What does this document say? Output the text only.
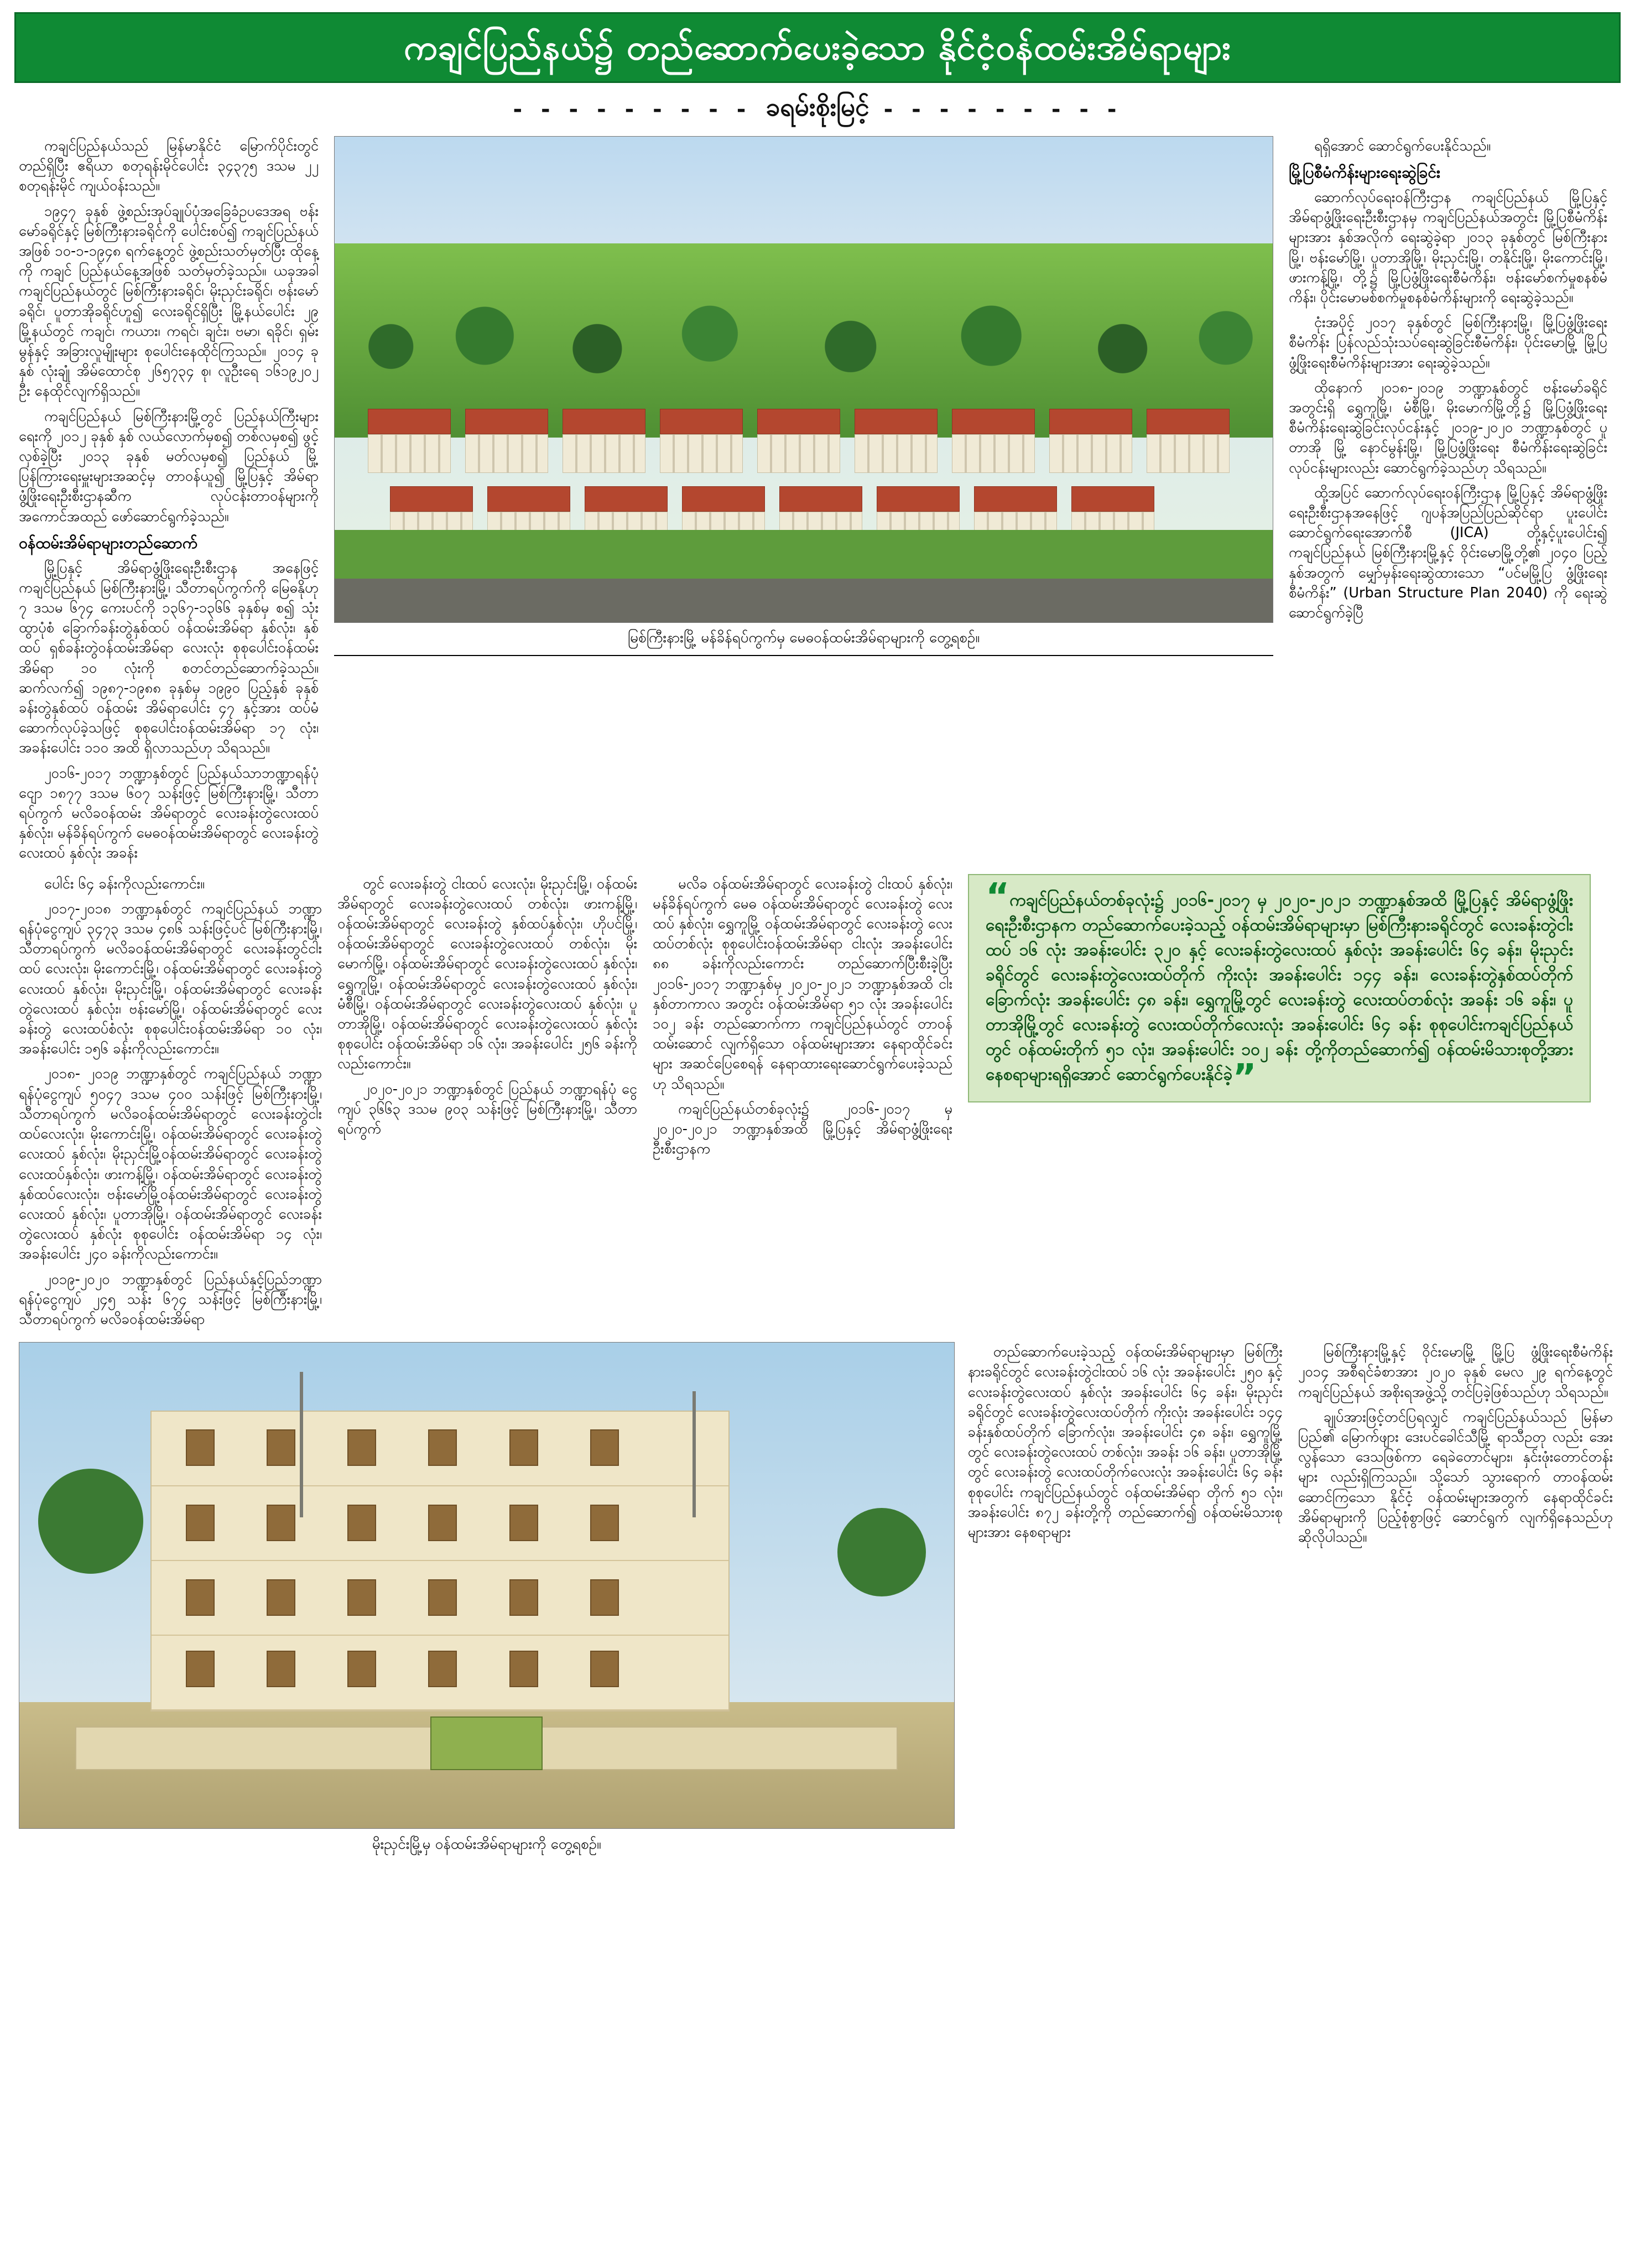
ကချင်ပြည်နယ်၌ တည်ဆောက်ပေးခဲ့သော နိုင်ငံ့ဝန်ထမ်းအိမ်ရာများ
- - - - - - - - - ခရမ်းစိုးမြင့် - - - - - - - - -

ကချင်ပြည်နယ်သည် မြန်မာနိုင်ငံ မြောက်ပိုင်းတွင်တည်ရှိပြီး ဧရိယာ စတုရန်းမိုင်ပေါင်း ၃၄၃၇၅ ဒသမ ၂၂ စတုရန်းမိုင် ကျယ်ဝန်းသည်။

၁၉၄၇ ခုနှစ် ဖွဲ့စည်းအုပ်ချုပ်ပုံအခြေခံဥပဒေအရ ဗန်းမော်ခရိုင်နှင့် မြစ်ကြီးနားခရိုင်ကို ပေါင်းစပ်၍ ကချင်ပြည်နယ်အဖြစ် ၁၀-၁-၁၉၄၈ ရက်နေ့တွင် ဖွဲ့စည်းသတ်မှတ်ပြီး ထိုနေ့ကို ကချင် ပြည်နယ်နေ့အဖြစ် သတ်မှတ်ခဲ့သည်။ ယခုအခါ ကချင်ပြည်နယ်တွင် မြစ်ကြီးနားခရိုင်၊ မိုးညှင်းခရိုင်၊ ဗန်းမော်ခရိုင်၊ ပူတာအိုခရိုင်ဟူ၍ လေးခရိုင်ရှိပြီး မြို့နယ်ပေါင်း ၂၉ မြို့နယ်တွင် ကချင်၊ ကယား၊ ကရင်၊ ချင်း၊ ဗမာ၊ ရခိုင်၊ ရှမ်း မွန်နှင့် အခြားလူမျိုးများ စုပေါင်းနေထိုင်ကြသည်။ ၂၀၁၄ ခုနှစ် လုံးချုံ အိမ်ထောင်စု ၂၆၅၇၃၄ စု၊ လူဦးရေ ၁၆၁၉၂၀၂ ဦး နေထိုင်လျက်ရှိသည်။

ကချင်ပြည်နယ် မြစ်ကြီးနားမြို့တွင် ပြည်နယ်ကြီးများရေးကို ၂၀၁၂ ခုနှစ် နှစ် လယ်လောက်မှစ၍ တစ်လမှစ၍ ဖွင့်လှစ်ခဲ့ပြီး ၂၀၁၃ ခုနှစ် မတ်လမှစ၍ ပြည်နယ် မြို့ပြန်ကြားရေးမှူးများအဆင့်မှ တာဝန်ယူ၍ မြို့ပြနှင့် အိမ်ရာဖွံ့ဖြိုးရေးဦးစီးဌာနဆီက လုပ်ငန်းတာဝန်များကို အကောင်အထည် ဖော်ဆောင်ရွက်ခဲ့သည်။

ဝန်ထမ်းအိမ်ရာများတည်ဆောက်

မြို့ပြနှင့် အိမ်ရာဖွံ့ဖြိုးရေးဦးစီးဌာန အနေဖြင့် ကချင်ပြည်နယ် မြစ်ကြီးနားမြို့၊ သီတာရပ်ကွက်ကို မြေဓနိုဟု ၇ ဒသမ ၆၇၄ ကေးပင်ကို ၁၃၆၇-၁၃၆၆ ခုနှစ်မှ စ၍ သုံးထွာပုံစံ ခြောက်ခန်းတွဲနှစ်ထပ် ဝန်ထမ်းအိမ်ရာ နှစ်လုံး၊ နှစ်ထပ် ရှစ်ခန်းတွဲဝန်ထမ်းအိမ်ရာ လေးလုံး စုစုပေါင်းဝန်ထမ်းအိမ်ရာ ၁၀ လုံးကို စတင်တည်ဆောက်ခဲ့သည်။ ဆက်လက်၍ ၁၉၈၇-၁၉၈၈ ခုနှစ်မှ ၁၉၉၀ ပြည့်နှစ် ခုနှစ်ခန်းတွဲနှစ်ထပ် ဝန်ထမ်း အိမ်ရာပေါင်း ၄၇ နှင့်အား ထပ်မံဆောက်လုပ်ခဲ့သဖြင့် စုစုပေါင်းဝန်ထမ်းအိမ်ရာ ၁၇ လုံး၊ အခန်းပေါင်း ၁၁၀ အထိ ရှိလာသည်ဟု သိရသည်။

၂၀၁၆-၂၀၁၇ ဘဏ္ဍာနှစ်တွင် ပြည်နယ်သာဘဏ္ဍာရန်ပုံငျော ၁၈၇၇ ဒသမ ၆၀၇ သန်းဖြင့် မြစ်ကြီးနားမြို့၊ သီတာရပ်ကွက် မလိခဝန်ထမ်း အိမ်ရာတွင် လေးခန်းတွဲလေးထပ် နှစ်လုံး၊ မန်ခိန်ရပ်ကွက် မေဓဝန်ထမ်းအိမ်ရာတွင် လေးခန်းတွဲလေးထပ် နှစ်လုံး အခန်း

မြစ်ကြီးနားမြို့ မန်ခိန်ရပ်ကွက်မှ မေဓဝန်ထမ်းအိမ်ရာများကို တွေ့ရစဉ်။

ရရှိအောင် ဆောင်ရွက်ပေးနိုင်သည်။

မြို့ပြစီမံကိန်းများရေးဆွဲခြင်း

ဆောက်လုပ်ရေးဝန်ကြီးဌာန ကချင်ပြည်နယ် မြို့ပြနှင့် အိမ်ရာဖွံ့ဖြိုးရေးဦးစီးဌာနမှ ကချင်ပြည်နယ်အတွင်း မြို့ပြစီမံကိန်းများအား နှစ်အလိုက် ရေးဆွဲခဲ့ရာ ၂၀၁၃ ခုနှစ်တွင် မြစ်ကြီးနားမြို့၊ ဗန်းမော်မြို့၊ ပူတာအိုမြို့၊ မိုးညှင်းမြို့၊ တနိုင်းမြို့၊ မိုးကောင်းမြို့၊ ဖားကန့်မြို့၊ တို့၌ မြို့ပြဖွံ့ဖြိုးရေးစီမံကိန်း၊ ဗန်းမော်စက်မှုစနစ်မံကိန်း၊ ပိုင်းမောမစ်စက်မှုစနစ်မံကိန်းများကို ရေးဆွဲခဲ့သည်။

ငုံးအပိုင့် ၂၀၁၇ ခုနှစ်တွင် မြစ်ကြီးနားမြို့၊ မြို့ပြဖွံ့ဖြိုးရေးစီမံကိန်း ပြန်လည်သုံးသပ်ရေးဆွဲခြင်းစီမံကိန်း၊ ပိုင်းမောမြို့ မြို့ပြဖွံ့ဖြိုးရေးစီမံကိန်းများအား ရေးဆွဲခဲ့သည်။

ထိုနောက် ၂၀၁၈-၂၀၁၉ ဘဏ္ဍာနှစ်တွင် ဗန်းမော်ခရိုင်အတွင်းရှိ ရွှေကူမြို့၊ မံစီမြို့၊ မိုးမောက်မြို့တို့၌ မြို့ပြဖွံ့ဖြိုးရေး စီမံကိန်းရေးဆွဲခြင်းလုပ်ငန်းနှင့် ၂၀၁၉-၂၀၂၀ ဘဏ္ဍာနှစ်တွင် ပူတာအို မြို့ နောင်မွန်းမြို့၊ မြို့ပြဖွံ့ဖြိုးရေး စီမံကိန်းရေးဆွဲခြင်း လုပ်ငန်းများလည်း ဆောင်ရွက်ခဲ့သည်ဟု သိရသည်။

ထို့အပြင် ဆောက်လုပ်ရေးဝန်ကြီးဌာန မြို့ပြနှင့် အိမ်ရာဖွံ့ဖြိုးရေးဦးစီးဌာနအနေဖြင့် ဂျပန်အပြည်ပြည်ဆိုင်ရာ ပူးပေါင်းဆောင်ရွက်ရေးအောက်စီ (JICA) တို့နှင့်ပူးပေါင်း၍ ကချင်ပြည်နယ် မြစ်ကြီးနားမြို့နှင့် ဝိုင်းမောမြို့တို့၏ ၂၀၄၀ ပြည့်နှစ်အတွက် မျှော်မှန်းရေးဆွဲထားသော “ပင်မမြို့ပြ ဖွံ့ဖြိုးရေးစီမံကိန်း” (Urban Structure Plan 2040) ကို ရေးဆွဲ ဆောင်ရွက်ခဲ့ပြီ

ပေါင်း ၆၄ ခန်းကိုလည်းကောင်း။

၂၀၁၇-၂၀၁၈ ဘဏ္ဍာနှစ်တွင် ကချင်ပြည်နယ် ဘဏ္ဍာရန်ပုံငွေကျပ် ၃၄၇၃ ဒသမ ၄၈၆ သန်းဖြင့်ပင် မြစ်ကြီးနားမြို့၊ သီတာရပ်ကွက် မလိခဝန်ထမ်းအိမ်ရာတွင် လေးခန်းတွင်ငါးထပ် လေးလုံး၊ မိုးကောင်းမြို့၊ ဝန်ထမ်းအိမ်ရာတွင် လေးခန်းတွဲလေးထပ် နှစ်လုံး၊ မိုးညှင်းမြို့၊ ဝန်ထမ်းအိမ်ရာတွင် လေးခန်းတွဲလေးထပ် နှစ်လုံး၊ ဗန်းမော်မြို့၊ ဝန်ထမ်းအိမ်ရာတွင် လေးခန်းတွဲ လေးထပ်စံလုံး စုစုပေါင်းဝန်ထမ်းအိမ်ရာ ၁၀ လုံး၊ အခန်းပေါင်း ၁၅၆ ခန်းကိုလည်းကောင်း။

၂၀၁၈- ၂၀၁၉ ဘဏ္ဍာနှစ်တွင် ကချင်ပြည်နယ် ဘဏ္ဍာရန်ပုံငွေကျပ် ၅၀၄၇ ဒသမ ၄၀၀ သန်းဖြင့် မြစ်ကြီးနားမြို့၊ သီတာရပ်ကွက် မလိခဝန်ထမ်းအိမ်ရာတွင် လေးခန်းတွဲငါးထပ်လေးလုံး၊ မိုးကောင်းမြို့၊ ဝန်ထမ်းအိမ်ရာတွင် လေးခန်းတွဲလေးထပ် နှစ်လုံး၊ မိုးညှင်းမြို့ဝန်ထမ်းအိမ်ရာတွင် လေးခန်းတွဲလေးထပ်နှစ်လုံး၊ ဖားကန့်မြို့၊ ဝန်ထမ်းအိမ်ရာတွင် လေးခန်းတွဲ နှစ်ထပ်လေးလုံး၊ ဗန်းမော်မြို့ဝန်ထမ်းအိမ်ရာတွင် လေးခန်းတွဲလေးထပ် နှစ်လုံး၊ ပူတာအိုမြို့၊ ဝန်ထမ်းအိမ်ရာတွင် လေးခန်းတွဲလေးထပ် နှစ်လုံး စုစုပေါင်း ဝန်ထမ်းအိမ်ရာ ၁၄ လုံး၊ အခန်းပေါင်း ၂၄၀ ခန်းကိုလည်းကောင်း။

၂၀၁၉-၂၀၂၀ ဘဏ္ဍာနှစ်တွင် ပြည်နယ်နှင့်ပြည်ဘဏ္ဍာရန်ပုံငွေကျပ် ၂၄၅ သန်း ၆၇၄ သန်းဖြင့် မြစ်ကြီးနားမြို့၊ သီတာရပ်ကွက် မလိခဝန်ထမ်းအိမ်ရာ

တွင် လေးခန်းတွဲ ငါးထပ် လေးလုံး၊ မိုးညှင်းမြို့၊ ဝန်ထမ်းအိမ်ရာတွင် လေးခန်းတွဲလေးထပ် တစ်လုံး၊ ဖားကန့်မြို့၊ ဝန်ထမ်းအိမ်ရာတွင် လေးခန်းတွဲ နှစ်ထပ်နှစ်လုံး၊ ဟိုပင်မြို့၊ ဝန်ထမ်းအိမ်ရာတွင် လေးခန်းတွဲလေးထပ် တစ်လုံး၊ မိုးမောက်မြို့၊ ဝန်ထမ်းအိမ်ရာတွင် လေးခန်းတွဲလေးထပ် နှစ်လုံး၊ ရွှေကူမြို့၊ ဝန်ထမ်းအိမ်ရာတွင် လေးခန်းတွဲလေးထပ် နှစ်လုံး၊ မံစီမြို့၊ ဝန်ထမ်းအိမ်ရာတွင် လေးခန်းတွဲလေးထပ် နှစ်လုံး၊ ပူတာအိုမြို့၊ ဝန်ထမ်းအိမ်ရာတွင် လေးခန်းတွဲလေးထပ် နှစ်လုံး စုစုပေါင်း ဝန်ထမ်းအိမ်ရာ ၁၆ လုံး၊ အခန်းပေါင်း ၂၅၆ ခန်းကိုလည်းကောင်း။

၂၀၂၀-၂၀၂၁ ဘဏ္ဍာနှစ်တွင် ပြည်နယ် ဘဏ္ဍာရန်ပုံ ငွေကျပ် ၃၆၆၃ ဒသမ ၉၀၃ သန်းဖြင့် မြစ်ကြီးနားမြို့၊ သီတာရပ်ကွက်

မလိခ ဝန်ထမ်းအိမ်ရာတွင် လေးခန်းတွဲ ငါးထပ် နှစ်လုံး၊ မန်ခိန်ရပ်ကွက် မေဓ ဝန်ထမ်းအိမ်ရာတွင် လေးခန်းတွဲ လေးထပ် နှစ်လုံး၊ ရွှေကူမြို့ ဝန်ထမ်းအိမ်ရာတွင် လေးခန်းတွဲ လေးထပ်တစ်လုံး စုစုပေါင်းဝန်ထမ်းအိမ်ရာ ငါးလုံး အခန်းပေါင်း ၈၈ ခန်းကိုလည်းကောင်း တည်ဆောက်ပြီးစီးခဲ့ပြီး ၂၀၁၆-၂၀၁၇ ဘဏ္ဍာနှစ်မှ ၂၀၂၀-၂၀၂၁ ဘဏ္ဍာနှစ်အထိ ငါးနှစ်တာကာလ အတွင်း ဝန်ထမ်းအိမ်ရာ ၅၁ လုံး အခန်းပေါင်း ၁၀၂ ခန်း တည်ဆောက်ကာ ကချင်ပြည်နယ်တွင် တာဝန်ထမ်းဆောင် လျက်ရှိသော ဝန်ထမ်းများအား နေရာထိုင်ခင်းများ အဆင်ပြေစေရန် နေရာထားရေးဆောင်ရွက်ပေးခဲ့သည်ဟု သိရသည်။

ကချင်ပြည်နယ်တစ်ခုလုံး၌ ၂၀၁၆-၂၀၁၇ မှ ၂၀၂၀-၂၀၂၁ ဘဏ္ဍာနှစ်အထိ မြို့ပြနှင့် အိမ်ရာဖွံ့ဖြိုးရေးဦးစီးဌာနက

“ကချင်ပြည်နယ်တစ်ခုလုံး၌ ၂၀၁၆-၂၀၁၇ မှ ၂၀၂၀-၂၀၂၁ ဘဏ္ဍာနှစ်အထိ မြို့ပြနှင့် အိမ်ရာဖွံ့ဖြိုးရေးဦးစီးဌာနက တည်ဆောက်ပေးခဲ့သည့် ဝန်ထမ်းအိမ်ရာများမှာ မြစ်ကြီးနားခရိုင်တွင် လေးခန်းတွဲငါးထပ် ၁၆ လုံး အခန်းပေါင်း ၃၂၀ နှင့် လေးခန်းတွဲလေးထပ် နှစ်လုံး အခန်းပေါင်း ၆၄ ခန်း၊ မိုးညှင်းခရိုင်တွင် လေးခန်းတွဲလေးထပ်တိုက် ကိုးလုံး အခန်းပေါင်း ၁၄၄ ခန်း၊ လေးခန်းတွဲနှစ်ထပ်တိုက် ခြောက်လုံး အခန်းပေါင်း ၄၈ ခန်း၊ ရွှေကူမြို့တွင် လေးခန်းတွဲ လေးထပ်တစ်လုံး အခန်း ၁၆ ခန်း၊ ပူတာအိုမြို့တွင် လေးခန်းတွဲ လေးထပ်တိုက်လေးလုံး အခန်းပေါင်း ၆၄ ခန်း စုစုပေါင်းကချင်ပြည်နယ်တွင် ဝန်ထမ်းတိုက် ၅၁ လုံး၊ အခန်းပေါင်း ၁၀၂ ခန်း တို့ကိုတည်ဆောက်၍ ဝန်ထမ်းမိသားစုတို့အား နေစရာများရရှိအောင် ဆောင်ရွက်ပေးနိုင်ခဲ့”
မိုးညှင်းမြို့မှ ဝန်ထမ်းအိမ်ရာများကို တွေ့ရစဉ်။

တည်ဆောက်ပေးခဲ့သည့် ဝန်ထမ်းအိမ်ရာများမှာ မြစ်ကြီးနားခရိုင်တွင် လေးခန်းတွဲငါးထပ် ၁၆ လုံး အခန်းပေါင်း ၂၅၀ နှင့် လေးခန်းတွဲလေးထပ် နှစ်လုံး အခန်းပေါင်း ၆၄ ခန်း၊ မိုးညှင်းခရိုင်တွင် လေးခန်းတွဲလေးထပ်တိုက် ကိုးလုံး အခန်းပေါင်း ၁၄၄ ခန်းနှစ်ထပ်တိုက် ခြောက်လုံး၊ အခန်းပေါင်း ၄၈ ခန်း၊ ရွှေကူမြို့တွင် လေးခန်းတွဲလေးထပ် တစ်လုံး၊ အခန်း ၁၆ ခန်း၊ ပူတာအိုမြို့တွင် လေးခန်းတွဲ လေးထပ်တိုက်လေးလုံး အခန်းပေါင်း ၆၄ ခန်း စုစုပေါင်း ကချင်ပြည်နယ်တွင် ဝန်ထမ်းအိမ်ရာ တိုက် ၅၁ လုံး၊ အခန်းပေါင်း ၈၇၂ ခန်းတို့ကို တည်ဆောက်၍ ဝန်ထမ်းမိသားစုများအား နေစရာများ

မြစ်ကြီးနားမြို့နှင့် ဝိုင်းမောမြို့ မြို့ပြ ဖွံ့ဖြိုးရေးစီမံကိန်း ၂၀၁၄ အစီရင်ခံစာအား ၂၀၂၀ ခုနှစ် မေလ ၂၉ ရက်နေ့တွင် ကချင်ပြည်နယ် အစိုးရအဖွဲ့သို့ တင်ပြခဲ့ဖြစ်သည်ဟု သိရသည်။

ချုပ်အားဖြင့်တင်ပြရလျှင် ကချင်ပြည်နယ်သည် မြန်မာပြည်၏ မြောက်ဖျား ဒေးပင်ခေါင်သီမြို့ ရာသီဉတု လည်း အေးလွန်သော ဒေသဖြစ်ကာ ရေခဲတောင်များ၊ နှင်းဖုံးတောင်တန်းများ လည်းရှိကြသည်။ သို့သော် သွားရောက် တာဝန်ထမ်းဆောင်ကြသော နိုင်ငံ့ ဝန်ထမ်းများအတွက် နေရာထိုင်ခင်း အိမ်ရာများကို ပြည့်စုံစွာဖြင့် ဆောင်ရွက် လျက်ရှိနေသည်ဟု ဆိုလိုပါသည်။
